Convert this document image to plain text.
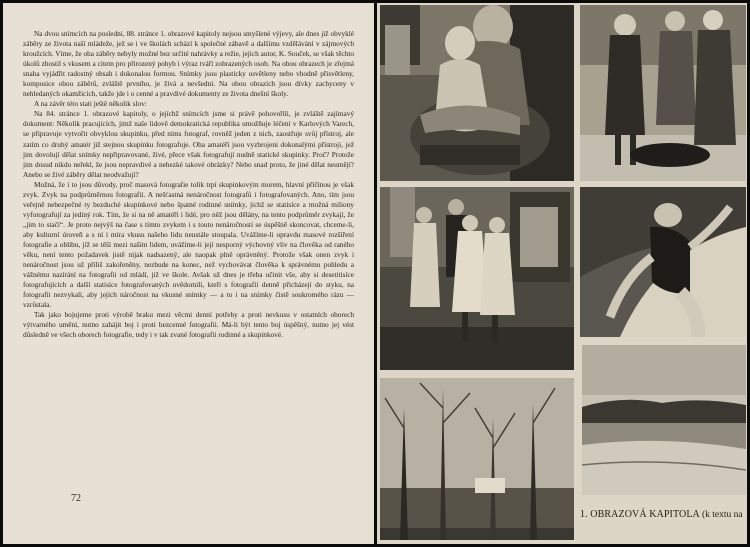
Na dvou snímcích na posledni, 88. stránce 1. obrazové kapitoly nejsou smyšlené výjevy, ale dnes již obvyklé záběry ze života naší mládeže, jež se i ve školách schází k společné zábavě a dalšímu vzdělávání v zájmových kroužcích. Víme, že oba záběry nebyly možné bez určité nahrávky a režie, jejich autor, K. Souček, se však těchto úkolů zhostil s vkusem a citem pro přirozený pohyb i výraz tváří zobrazených osob. Na obou obrazech je zřejmá snaha vyjádřit radostný obsah i dokonalou formou. Snímky jsou plasticky osvětleny nebo vhodně přisvětleny, komposice obou záběrů, zvláště prvního, je živá a nevšední. Na obou obrazích jsou dívky zachyceny v nehledaných okamžicích, takže jde i o cenné a pravdivé dokumenty ze života dnešní školy.

A na závěr této stati ještě několik slov:

Na 84. stránce 1. obrazové kapitoly, o jejíchž snímcích jsme si právě pohovořili, je zvláště zajímavý dokument: Několik pracujících, jimž naše lidově demokratická republika umožňuje léčení v Karlových Varech, se připravuje vytvořit obvyklou skupinku, před níms fotograf, rovněž jeden z nich, zaostřuje svůj přístroj, ale zatím co druhý amatér již stejnou skupinku fotografuje. Oba amatéři jsou vyzbrojeni dokonalými přístroji, jež jim dovolují dělat snímky nepřipravované, živé, přece však fotografují nudně statické skupinky. Proč? Protože jim dosud nikdo neřekl, že jsou nepravdivé a nehezké takové obrázky? Nebo snad proto, že jiné dělat neumějí? Anebo se živé záběry dělat neodvažují?

Možná, že i to jsou důvody, proč masová fotografie tolik trpí skupinkovým morem, hlavní příčinou je však zvyk. Zvyk na podprůměrnou fotografii. A nešťastná nenáročnost fotografů i fotografovaných. Ano, tím jsou veřejně nebezpečné ty bezduché skupinkové nebo špatné rodinné snímky, jichž se statisíce a možná miliony vyfotografují za jediný rok. Tím, že si na ně amatéři i lidé, pro něž jsou dělány, na tento podprůměr zvykají, že „jim to stačí“. Je proto nejvýš na čase s tímto zvykem i s touto nenáročností se úspěšně skoncovat, chceme-li, aby kulturní úroveň a s ní i míra vkusu našeho lidu neustále stoupala. Uvážíme-li opravdu masové rozšíření fotografie a oblibu, jíž se těší mezi naším lidem, uvážíme-li její nesporný výchovný vliv na člověka od raného věku, není tento požadavek jistě nijak nadsazený, ale naopak plně oprávněný. Protože však onen zvyk i nenáročnost jsou už příliš zakořeněny, nezbude na konec, než vychovávat člověka k správnému pohledu a vážnému nazírání na fotografii od mládí, již ve škole. Avšak už dnes je třeba učinit vše, aby si desetitisíce fotografujících a další statisíce fotografovaných uvědomili, kteří s fotografií denně přicházejí do styku, na fotografii nezvykali, aby jejich náročnost na vkusné snímky — a to i na snímky čistě soukromého rázu — vzrůstala.

Tak jako bojujeme proti výrobě braku mezi věcmi denní potřeby a proti nevkusu v ostatních oborech výtvarného umění, nutno zahájit boj i proti bezcenné fotografii. Má-li být tento boj úspěšný, nutno jej vést důsledně ve všech oborech fotografie, tedy i v tak zvané fotografii rodinné a skupinkové.

72
1. OBRAZOVÁ KAPITOLA (k textu na
